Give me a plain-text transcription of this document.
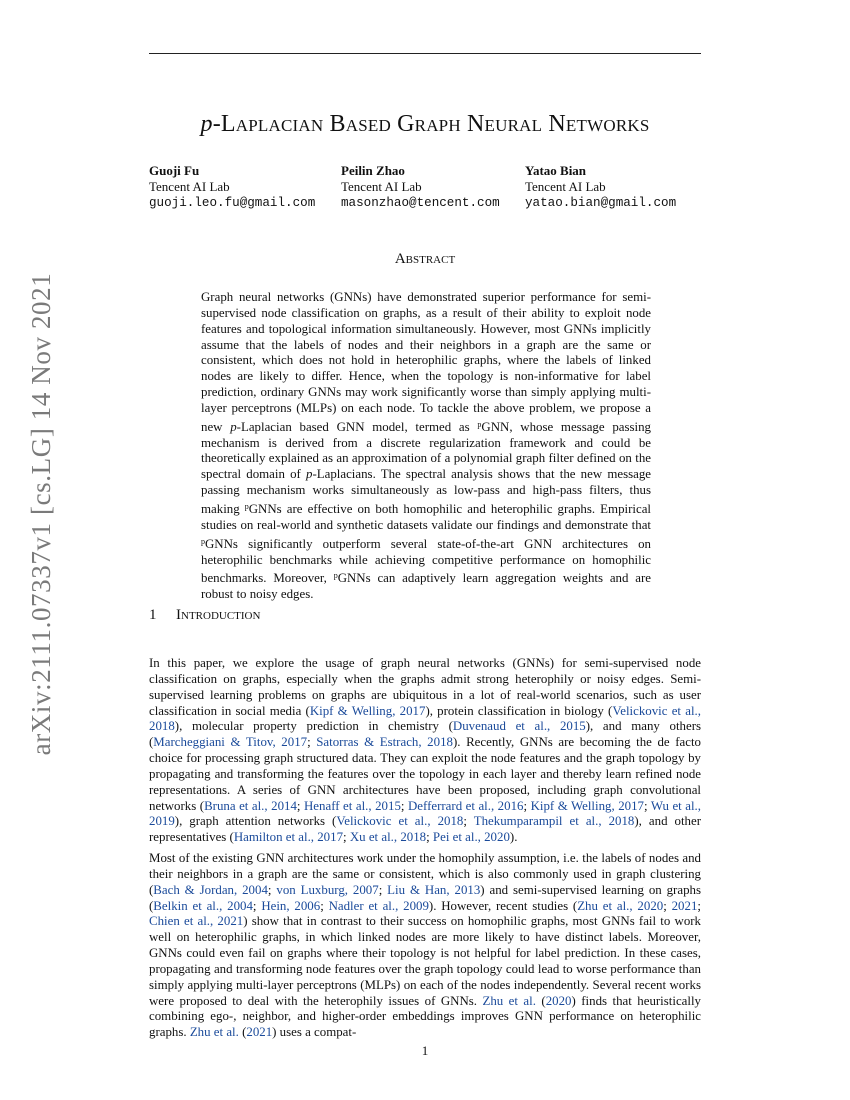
p-Laplacian Based Graph Neural Networks
Guoji Fu
Tencent AI Lab
guoji.leo.fu@gmail.com
Peilin Zhao
Tencent AI Lab
masonzhao@tencent.com
Yatao Bian
Tencent AI Lab
yatao.bian@gmail.com
Abstract
Graph neural networks (GNNs) have demonstrated superior performance for semi-supervised node classification on graphs, as a result of their ability to exploit node features and topological information simultaneously. However, most GNNs implicitly assume that the labels of nodes and their neighbors in a graph are the same or consistent, which does not hold in heterophilic graphs, where the labels of linked nodes are likely to differ. Hence, when the topology is non-informative for label prediction, ordinary GNNs may work significantly worse than simply applying multi-layer perceptrons (MLPs) on each node. To tackle the above problem, we propose a new p-Laplacian based GNN model, termed as $^p$GNN, whose message passing mechanism is derived from a discrete regularization framework and could be theoretically explained as an approximation of a polynomial graph filter defined on the spectral domain of p-Laplacians. The spectral analysis shows that the new message passing mechanism works simultaneously as low-pass and high-pass filters, thus making $^p$GNNs are effective on both homophilic and heterophilic graphs. Empirical studies on real-world and synthetic datasets validate our findings and demonstrate that $^p$GNNs significantly outperform several state-of-the-art GNN architectures on heterophilic benchmarks while achieving competitive performance on homophilic benchmarks. Moreover, $^p$GNNs can adaptively learn aggregation weights and are robust to noisy edges.
1 Introduction
In this paper, we explore the usage of graph neural networks (GNNs) for semi-supervised node classification on graphs, especially when the graphs admit strong heterophily or noisy edges. Semi-supervised learning problems on graphs are ubiquitous in a lot of real-world scenarios, such as user classification in social media (Kipf & Welling, 2017), protein classification in biology (Velickovic et al., 2018), molecular property prediction in chemistry (Duvenaud et al., 2015), and many others (Marcheggiani & Titov, 2017; Satorras & Estrach, 2018). Recently, GNNs are becoming the de facto choice for processing graph structured data. They can exploit the node features and the graph topology by propagating and transforming the features over the topology in each layer and thereby learn refined node representations. A series of GNN architectures have been proposed, including graph convolutional networks (Bruna et al., 2014; Henaff et al., 2015; Defferrard et al., 2016; Kipf & Welling, 2017; Wu et al., 2019), graph attention networks (Velickovic et al., 2018; Thekumparampil et al., 2018), and other representatives (Hamilton et al., 2017; Xu et al., 2018; Pei et al., 2020).
Most of the existing GNN architectures work under the homophily assumption, i.e. the labels of nodes and their neighbors in a graph are the same or consistent, which is also commonly used in graph clustering (Bach & Jordan, 2004; von Luxburg, 2007; Liu & Han, 2013) and semi-supervised learning on graphs (Belkin et al., 2004; Hein, 2006; Nadler et al., 2009). However, recent studies (Zhu et al., 2020; 2021; Chien et al., 2021) show that in contrast to their success on homophilic graphs, most GNNs fail to work well on heterophilic graphs, in which linked nodes are more likely to have distinct labels. Moreover, GNNs could even fail on graphs where their topology is not helpful for label prediction. In these cases, propagating and transforming node features over the graph topology could lead to worse performance than simply applying multi-layer perceptrons (MLPs) on each of the nodes independently. Several recent works were proposed to deal with the heterophily issues of GNNs. Zhu et al. (2020) finds that heuristically combining ego-, neighbor, and higher-order embeddings improves GNN performance on heterophilic graphs. Zhu et al. (2021) uses a compat-
1
arXiv:2111.07337v1 [cs.LG] 14 Nov 2021
